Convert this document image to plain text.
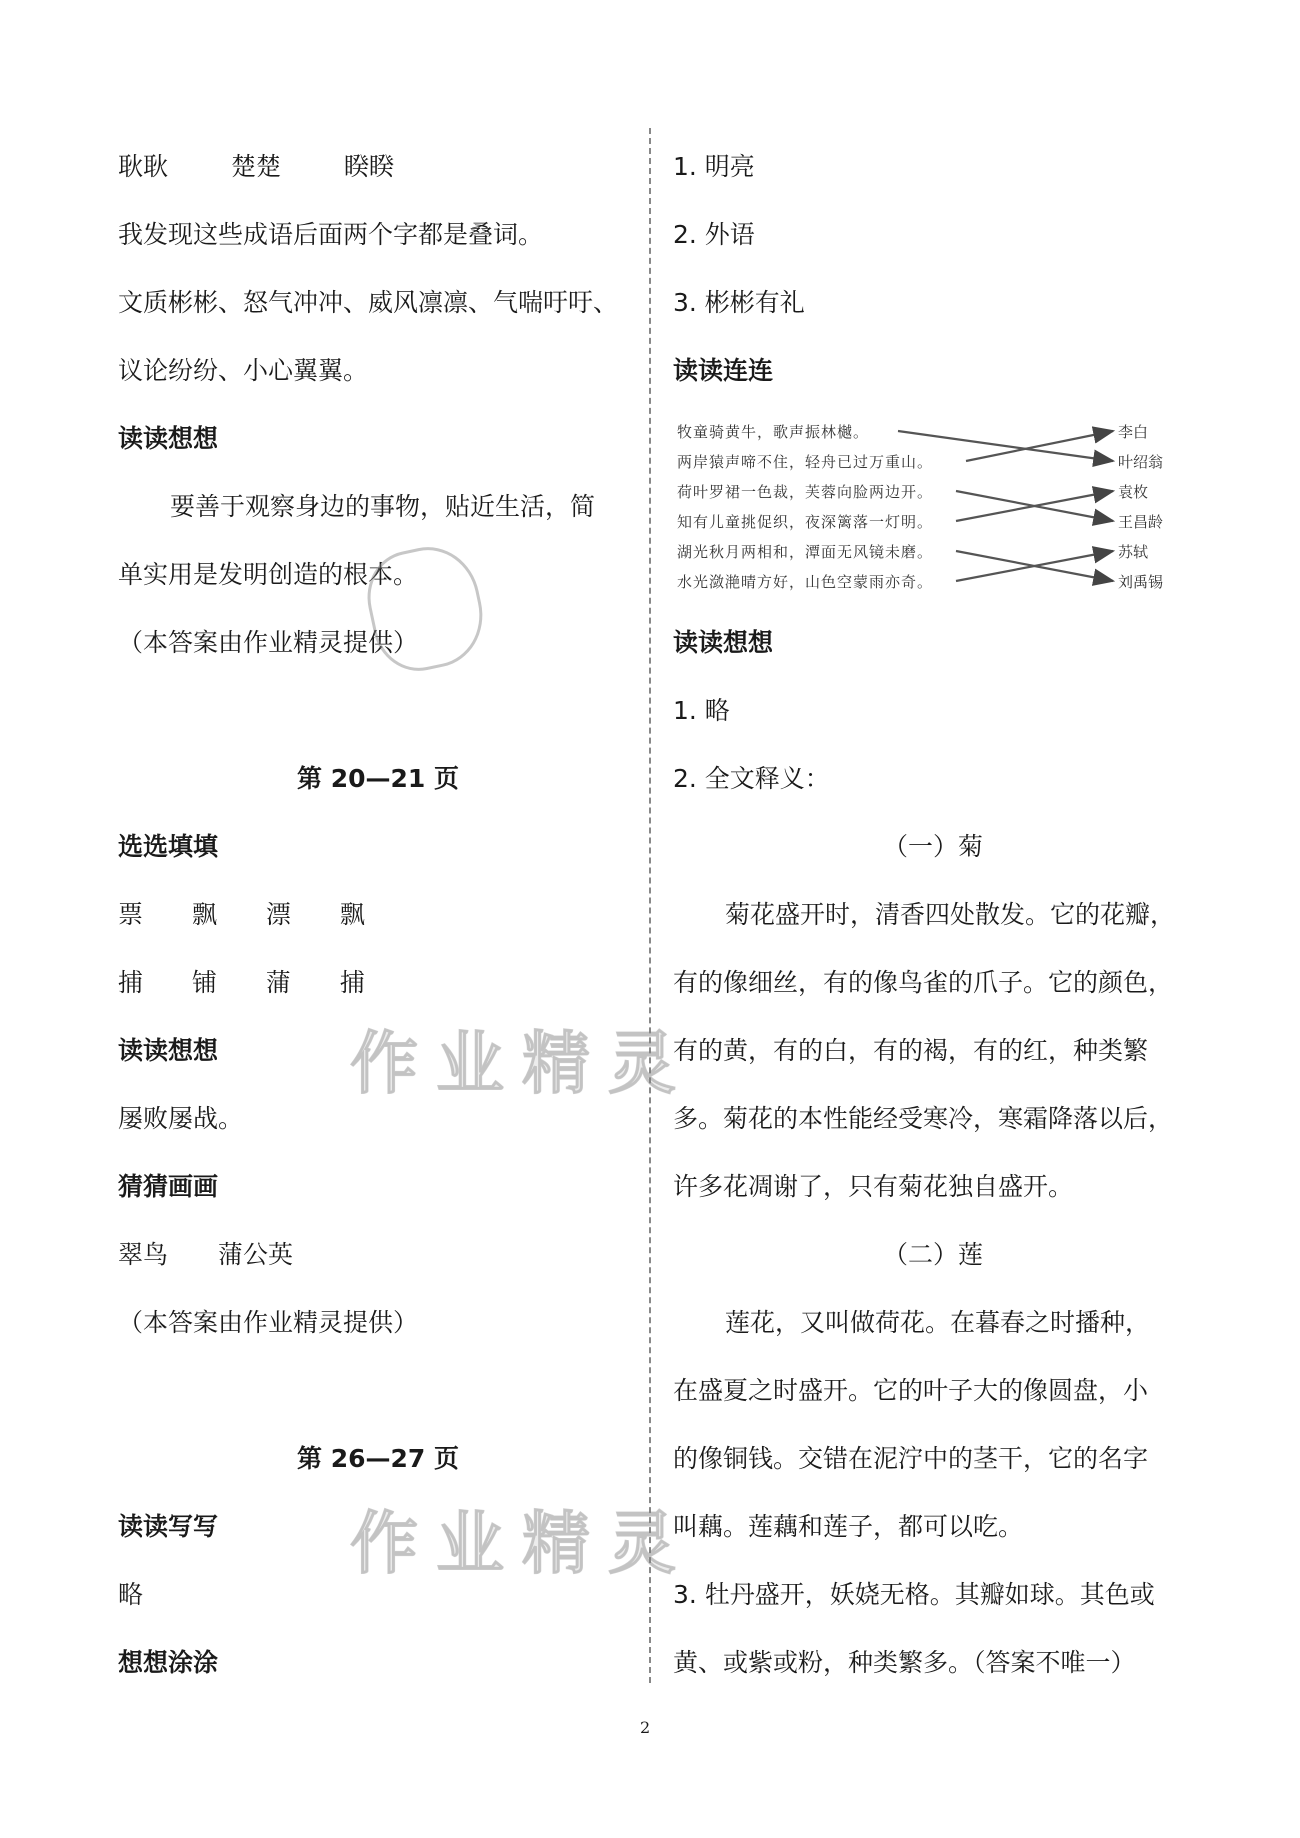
耿耿	楚楚	睽睽
我发现这些成语后面两个字都是叠词。
文质彬彬、怒气冲冲、威风凛凛、气喘吁吁、
议论纷纷、小心翼翼。
读读想想
要善于观察身边的事物，贴近生活，简
单实用是发明创造的根本。
（本答案由作业精灵提供）
第 20—21 页
选选填填
票 飘 漂 飘
捕 铺 蒲 捕
读读想想
屡败屡战。
猜猜画画
翠鸟 蒲公英
（本答案由作业精灵提供）
第 26—27 页
读读写写
略
想想涂涂
1. 明亮
2. 外语
3. 彬彬有礼
读读连连
牧童骑黄牛，歌声振林樾。
两岸猿声啼不住，轻舟已过万重山。
荷叶罗裙一色裁，芙蓉向脸两边开。
知有儿童挑促织，夜深篱落一灯明。
湖光秋月两相和，潭面无风镜未磨。
水光潋滟晴方好，山色空蒙雨亦奇。
李白
叶绍翁
袁枚
王昌龄
苏轼
刘禹锡
读读想想
1. 略
2. 全文释义：
（一）菊
菊花盛开时，清香四处散发。它的花瓣，
有的像细丝，有的像鸟雀的爪子。它的颜色，
有的黄，有的白，有的褐，有的红，种类繁
多。菊花的本性能经受寒冷，寒霜降落以后，
许多花凋谢了，只有菊花独自盛开。
（二）莲
莲花，又叫做荷花。在暮春之时播种，
在盛夏之时盛开。它的叶子大的像圆盘，小
的像铜钱。交错在泥泞中的茎干，它的名字
叫藕。莲藕和莲子，都可以吃。
3. 牡丹盛开，妖娆无格。其瓣如球。其色或
黄、或紫或粉，种类繁多。（答案不唯一）
作业精灵
作业精灵
2
